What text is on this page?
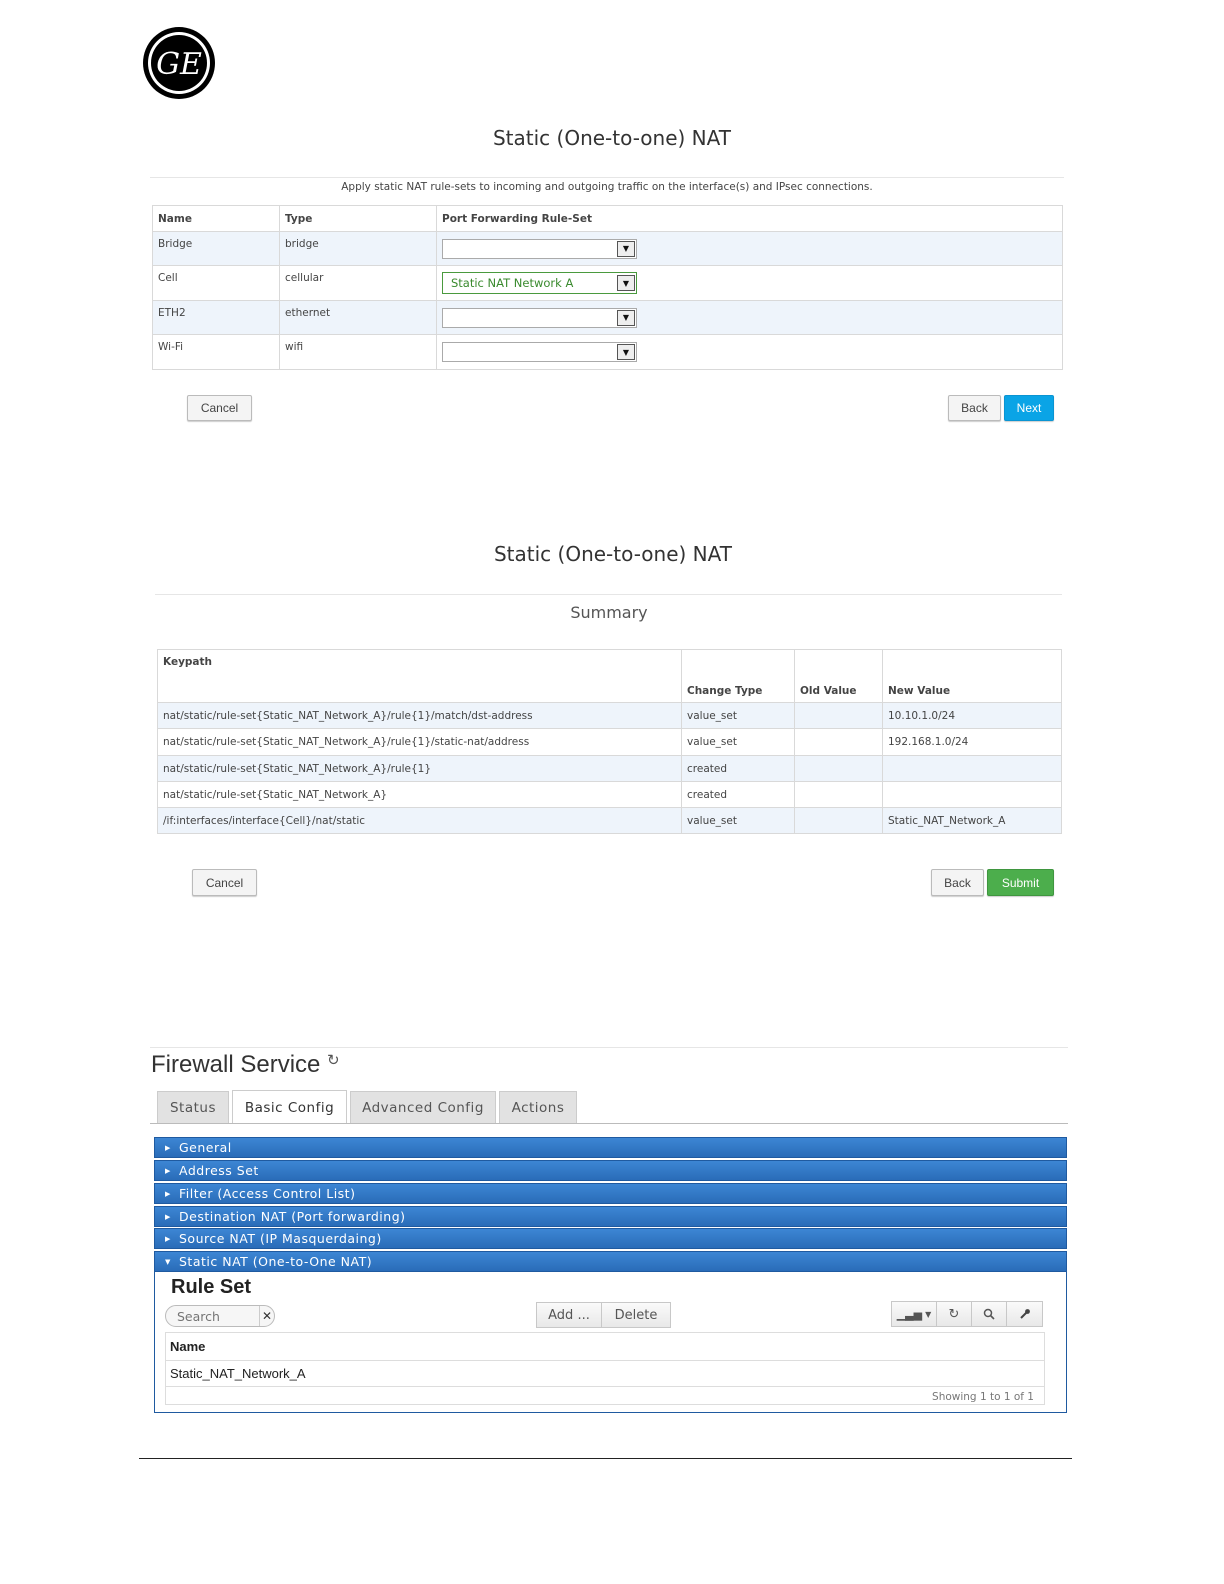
GE
Static (One-to-one) NAT
Apply static NAT rule-sets to incoming and outgoing traffic on the interface(s) and IPsec connections.
Name	Type	Port Forwarding Rule-Set
Bridge	bridge	▼

Cell	cellular	Static NAT Network A ▼

ETH2	ethernet	▼

Wi-Fi	wifi	▼
Cancel	Back	Next
Static (One-to-one) NAT
Summary
Keypath	Change Type	Old Value	New Value
nat/static/rule-set{Static_NAT_Network_A}/rule{1}/match/dst-address	value_set		10.10.1.0/24
nat/static/rule-set{Static_NAT_Network_A}/rule{1}/static-nat/address	value_set		192.168.1.0/24
nat/static/rule-set{Static_NAT_Network_A}/rule{1}	created		
nat/static/rule-set{Static_NAT_Network_A}	created		
/if:interfaces/interface{Cell}/nat/static	value_set		Static_NAT_Network_A
Cancel	Back	Submit
Firewall Service ↻
Status	Basic Config	Advanced Config	Actions
▶ General
▶ Address Set
▶ Filter (Access Control List)
▶ Destination NAT (Port forwarding)
▶ Source NAT (IP Masquerdaing)
▼ Static NAT (One-to-One NAT)
Rule Set
Search
✕	Add ...	Delete	▁▃▅ ▼ ↻
Name
Static_NAT_Network_A
Showing 1 to 1 of 1
